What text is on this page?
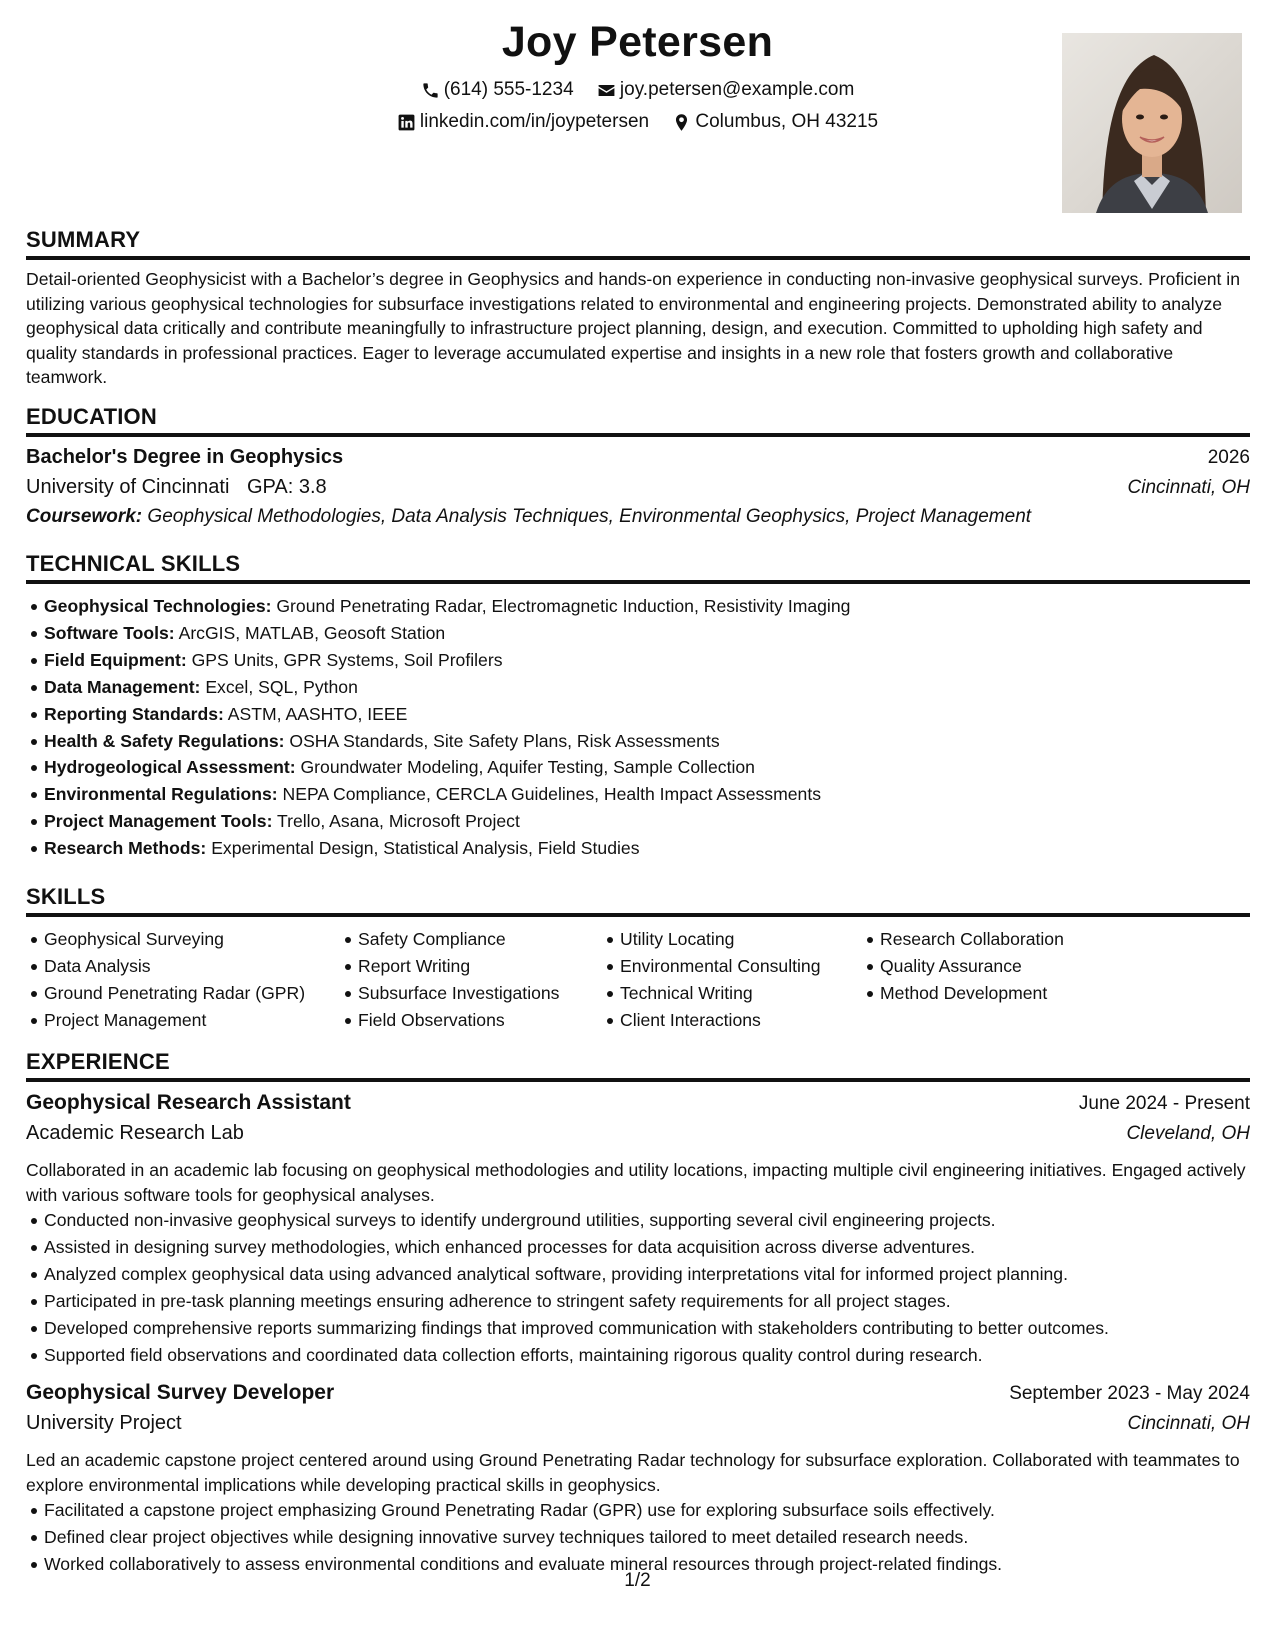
Joy Petersen
(614) 555-1234
joy.petersen@example.com
linkedin.com/in/joypetersen
Columbus, OH 43215
SUMMARY

Detail-oriented Geophysicist with a Bachelor’s degree in Geophysics and hands-on experience in conducting non-invasive geophysical surveys. Proficient in utilizing various geophysical technologies for subsurface investigations related to environmental and engineering projects. Demonstrated ability to analyze geophysical data critically and contribute meaningfully to infrastructure project planning, design, and execution. Committed to upholding high safety and quality standards in professional practices. Eager to leverage accumulated expertise and insights in a new role that fosters growth and collaborative teamwork.

EDUCATION
Bachelor's Degree in Geophysics	2026
University of Cincinnati GPA: 3.8	Cincinnati, OH
Coursework: Geophysical Methodologies, Data Analysis Techniques, Environmental Geophysics, Project Management
TECHNICAL SKILLS
Geophysical Technologies: Ground Penetrating Radar, Electromagnetic Induction, Resistivity Imaging
Software Tools: ArcGIS, MATLAB, Geosoft Station
Field Equipment: GPS Units, GPR Systems, Soil Profilers
Data Management: Excel, SQL, Python
Reporting Standards: ASTM, AASHTO, IEEE
Health & Safety Regulations: OSHA Standards, Site Safety Plans, Risk Assessments
Hydrogeological Assessment: Groundwater Modeling, Aquifer Testing, Sample Collection
Environmental Regulations: NEPA Compliance, CERCLA Guidelines, Health Impact Assessments
Project Management Tools: Trello, Asana, Microsoft Project
Research Methods: Experimental Design, Statistical Analysis, Field Studies
SKILLS
Geophysical Surveying
Data Analysis
Ground Penetrating Radar (GPR)
Project Management
Safety Compliance
Report Writing
Subsurface Investigations
Field Observations
Utility Locating
Environmental Consulting
Technical Writing
Client Interactions
Research Collaboration
Quality Assurance
Method Development
EXPERIENCE
Geophysical Research Assistant	June 2024 - Present
Academic Research Lab	Cleveland, OH

Collaborated in an academic lab focusing on geophysical methodologies and utility locations, impacting multiple civil engineering initiatives. Engaged actively with various software tools for geophysical analyses.

Conducted non-invasive geophysical surveys to identify underground utilities, supporting several civil engineering projects.
Assisted in designing survey methodologies, which enhanced processes for data acquisition across diverse adventures.
Analyzed complex geophysical data using advanced analytical software, providing interpretations vital for informed project planning.
Participated in pre-task planning meetings ensuring adherence to stringent safety requirements for all project stages.
Developed comprehensive reports summarizing findings that improved communication with stakeholders contributing to better outcomes.
Supported field observations and coordinated data collection efforts, maintaining rigorous quality control during research.
Geophysical Survey Developer	September 2023 - May 2024
University Project	Cincinnati, OH

Led an academic capstone project centered around using Ground Penetrating Radar technology for subsurface exploration. Collaborated with teammates to explore environmental implications while developing practical skills in geophysics.

Facilitated a capstone project emphasizing Ground Penetrating Radar (GPR) use for exploring subsurface soils effectively.
Defined clear project objectives while designing innovative survey techniques tailored to meet detailed research needs.
Worked collaboratively to assess environmental conditions and evaluate mineral resources through project-related findings.
1/2
